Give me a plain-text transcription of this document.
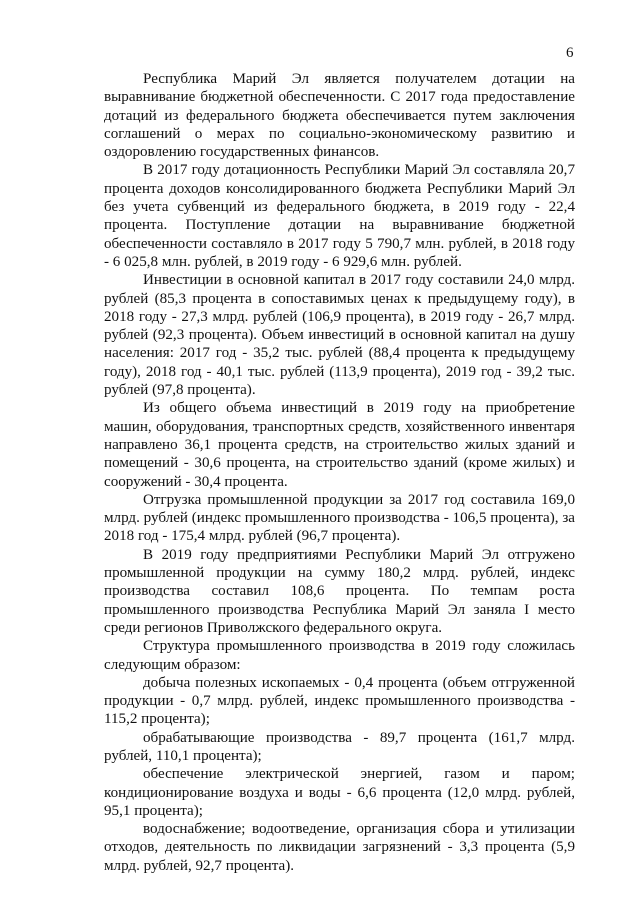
6

Республика Марий Эл является получателем дотации на выравнивание бюджетной обеспеченности. С 2017 года предоставление дотаций из федерального бюджета обеспечивается путем заключения соглашений о мерах по социально-экономическому развитию и оздоровлению государственных финансов.

В 2017 году дотационность Республики Марий Эл составляла 20,7 процента доходов консолидированного бюджета Республики Марий Эл без учета субвенций из федерального бюджета, в 2019 году - 22,4 процента. Поступление дотации на выравнивание бюджетной обеспеченности составляло в 2017 году 5 790,7 млн. рублей, в 2018 году - 6 025,8 млн. рублей, в 2019 году - 6 929,6 млн. рублей.

Инвестиции в основной капитал в 2017 году составили 24,0 млрд. рублей (85,3 процента в сопоставимых ценах к предыдущему году), в 2018 году - 27,3 млрд. рублей (106,9 процента), в 2019 году - 26,7 млрд. рублей (92,3 процента). Объем инвестиций в основной капитал на душу населения: 2017 год - 35,2 тыс. рублей (88,4 процента к предыдущему году), 2018 год - 40,1 тыс. рублей (113,9 процента), 2019 год - 39,2 тыс. рублей (97,8 процента).

Из общего объема инвестиций в 2019 году на приобретение машин, оборудования, транспортных средств, хозяйственного инвентаря направлено 36,1 процента средств, на строительство жилых зданий и помещений - 30,6 процента, на строительство зданий (кроме жилых) и сооружений - 30,4 процента.

Отгрузка промышленной продукции за 2017 год составила 169,0 млрд. рублей (индекс промышленного производства - 106,5 процента), за 2018 год - 175,4 млрд. рублей (96,7 процента).

В 2019 году предприятиями Республики Марий Эл отгружено промышленной продукции на сумму 180,2 млрд. рублей, индекс производства составил 108,6 процента. По темпам роста промышленного производства Республика Марий Эл заняла I место среди регионов Приволжского федерального округа.

Структура промышленного производства в 2019 году сложилась следующим образом:

добыча полезных ископаемых - 0,4 процента (объем отгруженной продукции - 0,7 млрд. рублей, индекс промышленного производства - 115,2 процента);

обрабатывающие производства - 89,7 процента (161,7 млрд. рублей, 110,1 процента);

обеспечение электрической энергией, газом и паром; кондиционирование воздуха и воды - 6,6 процента (12,0 млрд. рублей, 95,1 процента);

водоснабжение; водоотведение, организация сбора и утилизации отходов, деятельность по ликвидации загрязнений - 3,3 процента (5,9 млрд. рублей, 92,7 процента).
